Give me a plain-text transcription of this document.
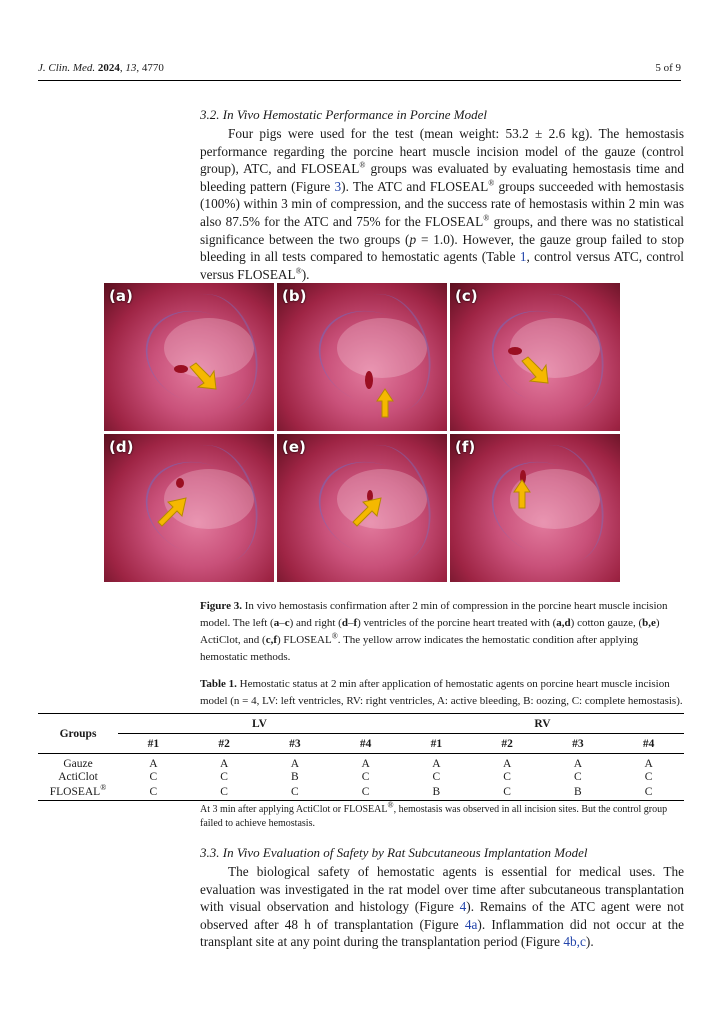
J. Clin. Med. 2024, 13, 4770	5 of 9
3.2. In Vivo Hemostatic Performance in Porcine Model

Four pigs were used for the test (mean weight: 53.2 ± 2.6 kg). The hemostasis performance regarding the porcine heart muscle incision model of the gauze (control group), ATC, and FLOSEAL® groups was evaluated by evaluating hemostasis time and bleeding pattern (Figure 3). The ATC and FLOSEAL® groups succeeded with hemostasis (100%) within 3 min of compression, and the success rate of hemostasis within 2 min was also 87.5% for the ATC and 75% for the FLOSEAL® groups, and there was no statistical significance between the two groups (p = 1.0). However, the gauze group failed to stop bleeding in all tests compared to hemostatic agents (Table 1, control versus ATC, control versus FLOSEAL®).

(a)	(b)	(c)
(d)	(e)	(f)
Figure 3. In vivo hemostasis confirmation after 2 min of compression in the porcine heart muscle incision model. The left (a–c) and right (d–f) ventricles of the porcine heart treated with (a,d) cotton gauze, (b,e) ActiClot, and (c,f) FLOSEAL®. The yellow arrow indicates the hemostatic condition after applying hemostatic methods.
Table 1. Hemostatic status at 2 min after application of hemostatic agents on porcine heart muscle incision model (n = 4, LV: left ventricles, RV: right ventricles, A: active bleeding, B: oozing, C: complete hemostasis).
Groups	LV				RV			
	#1	#2	#3	#4	#1	#2	#3	#4
Gauze	A	A	A	A	A	A	A	A
ActiClot	C	C	B	C	C	C	C	C
FLOSEAL®	C	C	C	C	B	C	B	C
At 3 min after applying ActiClot or FLOSEAL®, hemostasis was observed in all incision sites. But the control group failed to achieve hemostasis.
3.3. In Vivo Evaluation of Safety by Rat Subcutaneous Implantation Model

The biological safety of hemostatic agents is essential for medical uses. The evaluation was investigated in the rat model over time after subcutaneous transplantation with visual observation and histology (Figure 4). Remains of the ATC agent were not observed after 48 h of transplantation (Figure 4a). Inflammation did not occur at the transplant site at any point during the transplantation period (Figure 4b,c).
